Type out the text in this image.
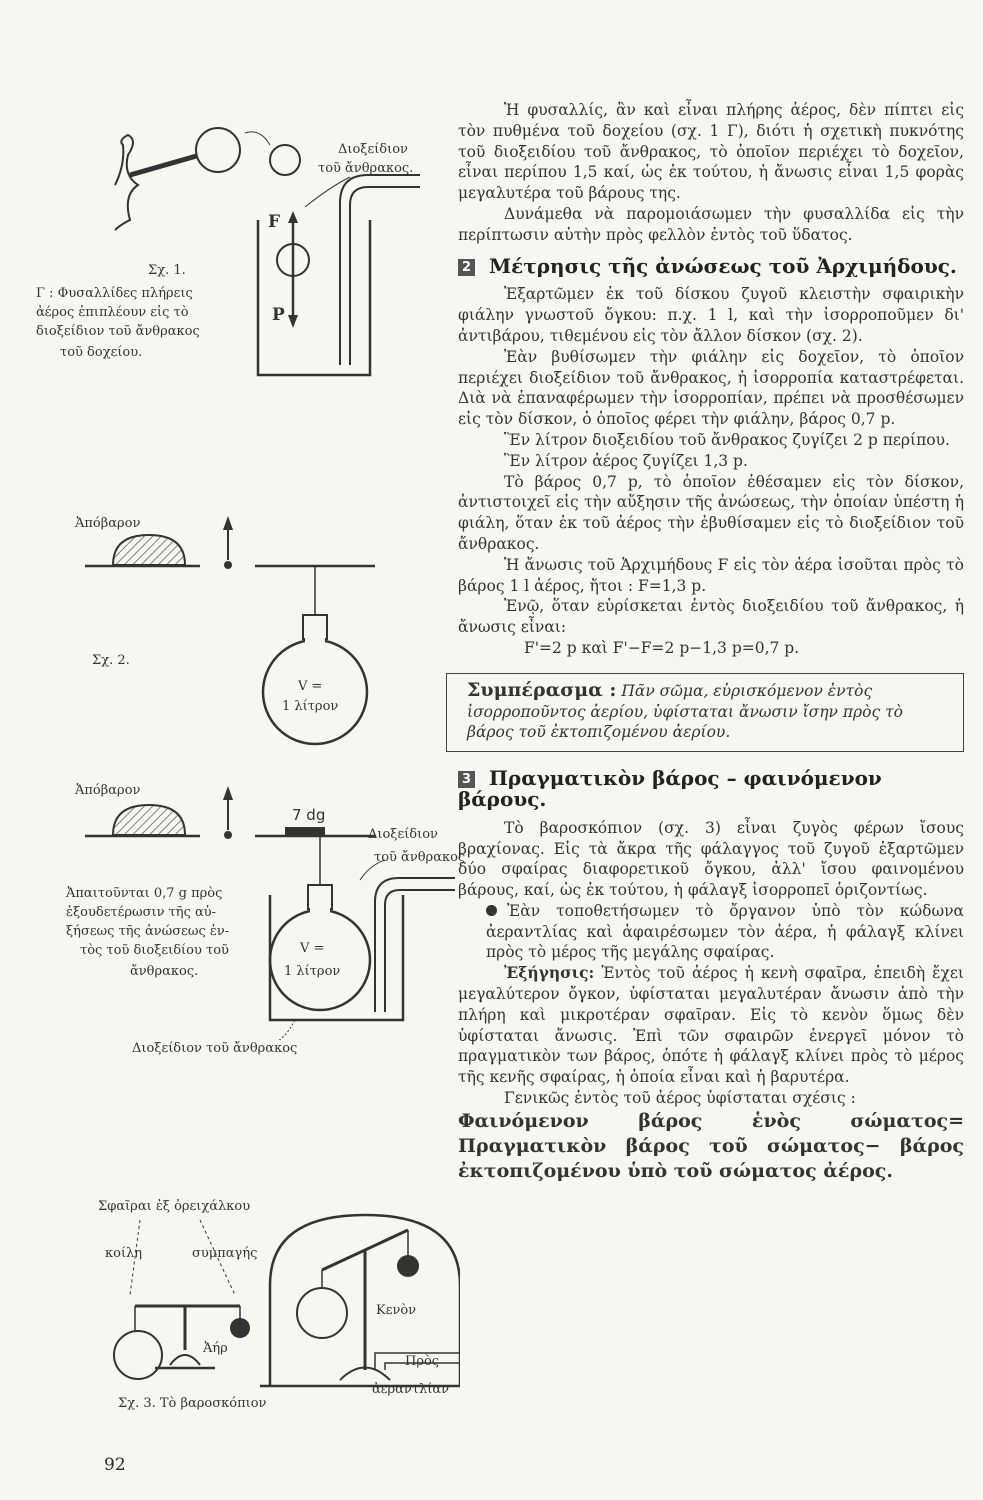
F
P
Διοξείδιον
τοῦ ἄνθρακος.
Σχ. 1.
Γ : Φυσαλλίδες πλήρεις
ἀέρος ἐπιπλέουν εἰς τὸ
διοξείδιον τοῦ ἄνθρακος
τοῦ δοχείου.
Ἀπόβαρον
Σχ. 2.
V =
1 λίτρον
Ἀπόβαρον
7 dg
Διοξείδιον
τοῦ ἄνθρακος
Ἀπαιτοῦνται 0,7 g πρὸς
ἐξουδετέρωσιν τῆς αὐ-
ξήσεως τῆς ἀνώσεως ἐν-
τὸς τοῦ διοξειδίου τοῦ
ἄνθρακος.
V =
1 λίτρον
Διοξείδιον τοῦ ἄνθρακος
Σφαῖραι ἐξ ὀρειχάλκου
κοίλη	συμπαγής
Ἀήρ
Κενὸν
Πρὸς
ἀεραντλίαν
Σχ. 3. Τὸ βαροσκόπιον
92

Ἡ φυσαλλίς, ἂν καὶ εἶναι πλήρης ἀέρος, δὲν πίπτει εἰς τὸν πυθμένα τοῦ δοχείου (σχ. 1 Γ), διότι ἡ σχετικὴ πυκνότης τοῦ διοξειδίου τοῦ ἄνθρακος, τὸ ὁποῖον περιέχει τὸ δοχεῖον, εἶναι περίπου 1,5 καί, ὡς ἐκ τούτου, ἡ ἄνωσις εἶναι 1,5 φορὰς μεγαλυτέρα τοῦ βάρους της.

Δυνάμεθα νὰ παρομοιάσωμεν τὴν φυσαλλίδα εἰς τὴν περίπτωσιν αὐτὴν πρὸς φελλὸν ἐντὸς τοῦ ὕδατος.

2 Μέτρησις τῆς ἀνώσεως τοῦ Ἀρχιμήδους.

Ἐξαρτῶμεν ἐκ τοῦ δίσκου ζυγοῦ κλειστὴν σφαιρικὴν φιάλην γνωστοῦ ὄγκου: π.χ. 1 l, καὶ τὴν ἰσορροποῦμεν δι' ἀντιβάρου, τιθεμένου εἰς τὸν ἄλλον δίσκον (σχ. 2).

Ἐὰν βυθίσωμεν τὴν φιάλην εἰς δοχεῖον, τὸ ὁποῖον περιέχει διοξείδιον τοῦ ἄνθρακος, ἡ ἰσορροπία καταστρέφεται. Διὰ νὰ ἐπαναφέρωμεν τὴν ἰσορροπίαν, πρέπει νὰ προσθέσωμεν εἰς τὸν δίσκον, ὁ ὁποῖος φέρει τὴν φιάλην, βάρος 0,7 p.

Ἓν λίτρον διοξειδίου τοῦ ἄνθρακος ζυγίζει 2 p περίπου.

Ἓν λίτρον ἀέρος ζυγίζει 1,3 p.

Τὸ βάρος 0,7 p, τὸ ὁποῖον ἐθέσαμεν εἰς τὸν δίσκον, ἀντιστοιχεῖ εἰς τὴν αὔξησιν τῆς ἀνώσεως, τὴν ὁποίαν ὑπέστη ἡ φιάλη, ὅταν ἐκ τοῦ ἀέρος τὴν ἐβυθίσαμεν εἰς τὸ διοξείδιον τοῦ ἄνθρακος.

Ἡ ἄνωσις τοῦ Ἀρχιμήδους F εἰς τὸν ἀέρα ἰσοῦται πρὸς τὸ βάρος 1 l ἀέρος, ἤτοι : F=1,3 p.

Ἐνῷ, ὅταν εὑρίσκεται ἐντὸς διοξειδίου τοῦ ἄνθρακος, ἡ ἄνωσις εἶναι:

F'=2 p καὶ F'−F=2 p−1,3 p=0,7 p.

Συμπέρασμα : Πᾶν σῶμα, εὑρισκόμενον ἐντὸς ἰσορροποῦντος ἀερίου, ὑφίσταται ἄνωσιν ἴσην πρὸς τὸ βάρος τοῦ ἐκτοπιζομένου ἀερίου.
3 Πραγματικὸν βάρος – φαινόμενον βάρους.

Τὸ βαροσκόπιον (σχ. 3) εἶναι ζυγὸς φέρων ἴσους βραχίονας. Εἰς τὰ ἄκρα τῆς φάλαγγος τοῦ ζυγοῦ ἐξαρτῶμεν δύο σφαίρας διαφορετικοῦ ὄγκου, ἀλλ' ἴσου φαινομένου βάρους, καί, ὡς ἐκ τούτου, ἡ φάλαγξ ἰσορροπεῖ ὁριζοντίως.

Ἐὰν τοποθετήσωμεν τὸ ὄργανον ὑπὸ τὸν κώδωνα ἀεραντλίας καὶ ἀφαιρέσωμεν τὸν ἀέρα, ἡ φάλαγξ κλίνει πρὸς τὸ μέρος τῆς μεγάλης σφαίρας.

Ἐξήγησις: Ἐντὸς τοῦ ἀέρος ἡ κενὴ σφαῖρα, ἐπειδὴ ἔχει μεγαλύτερον ὄγκον, ὑφίσταται μεγαλυτέραν ἄνωσιν ἀπὸ τὴν πλήρη καὶ μικροτέραν σφαῖραν. Εἰς τὸ κενὸν ὅμως δὲν ὑφίσταται ἄνωσις. Ἐπὶ τῶν σφαιρῶν ἐνεργεῖ μόνον τὸ πραγματικὸν των βάρος, ὁπότε ἡ φάλαγξ κλίνει πρὸς τὸ μέρος τῆς κενῆς σφαίρας, ἡ ὁποία εἶναι καὶ ἡ βαρυτέρα.

Γενικῶς ἐντὸς τοῦ ἀέρος ὑφίσταται σχέσις :

Φαινόμενον βάρος ἑνὸς σώματος= Πραγματικὸν βάρος τοῦ σώματος− βάρος ἐκτοπιζομένου ὑπὸ τοῦ σώματος ἀέρος.
